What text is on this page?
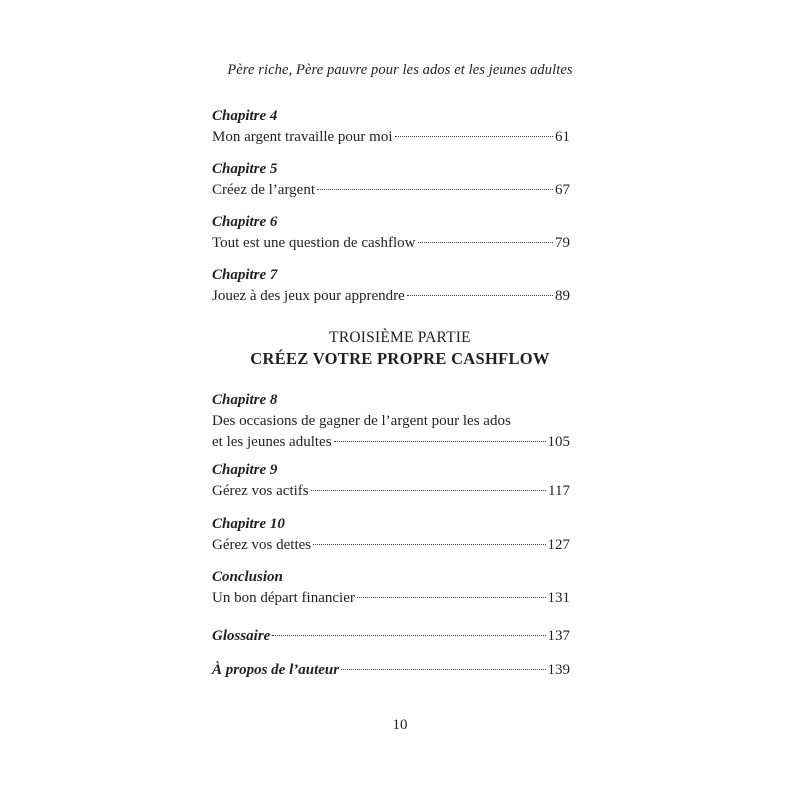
Père riche, Père pauvre pour les ados et les jeunes adultes
Chapitre 4
Mon argent travaille pour moi	61
Chapitre 5
Créez de l’argent	67
Chapitre 6
Tout est une question de cashflow	79
Chapitre 7
Jouez à des jeux pour apprendre	89
TROISIÈME PARTIE
CRÉEZ VOTRE PROPRE CASHFLOW
Chapitre 8
Des occasions de gagner de l’argent pour les ados
et les jeunes adultes	105
Chapitre 9
Gérez vos actifs	117
Chapitre 10
Gérez vos dettes	127
Conclusion
Un bon départ financier	131
Glossaire	137
À propos de l’auteur	139
10
